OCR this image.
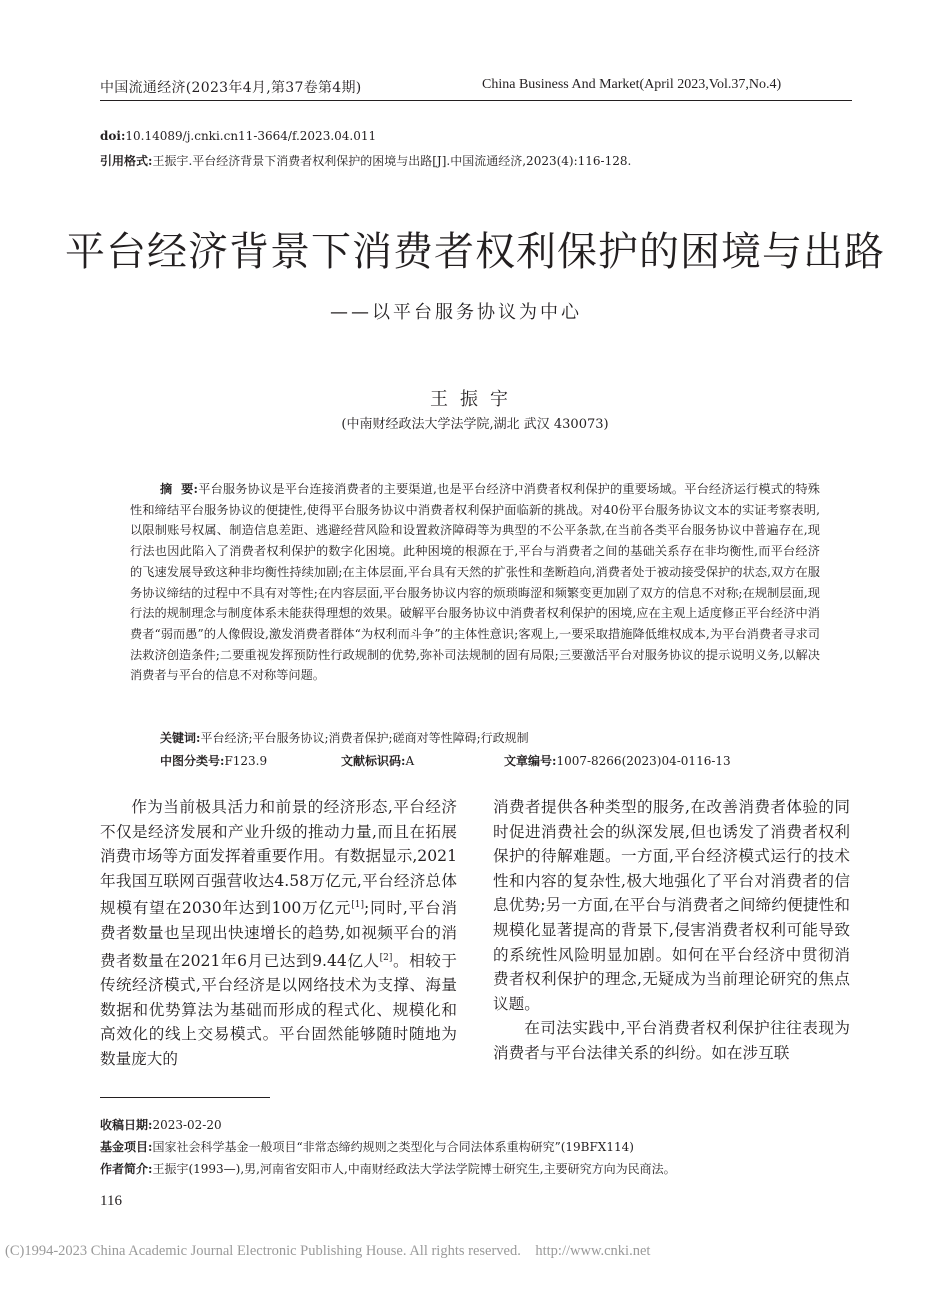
中国流通经济(2023年4月,第37卷第4期)	China Business And Market(April 2023,Vol.37,No.4)
doi:10.14089/j.cnki.cn11-3664/f.2023.04.011
引用格式:王振宇.平台经济背景下消费者权利保护的困境与出路[J].中国流通经济,2023(4):116-128.
平台经济背景下消费者权利保护的困境与出路
——以平台服务协议为中心
王振宇
(中南财经政法大学法学院,湖北 武汉 430073)
摘  要:平台服务协议是平台连接消费者的主要渠道,也是平台经济中消费者权利保护的重要场域。平台经济运行模式的特殊性和缔结平台服务协议的便捷性,使得平台服务协议中消费者权利保护面临新的挑战。对40份平台服务协议文本的实证考察表明,以限制账号权属、制造信息差距、逃避经营风险和设置救济障碍等为典型的不公平条款,在当前各类平台服务协议中普遍存在,现行法也因此陷入了消费者权利保护的数字化困境。此种困境的根源在于,平台与消费者之间的基础关系存在非均衡性,而平台经济的飞速发展导致这种非均衡性持续加剧;在主体层面,平台具有天然的扩张性和垄断趋向,消费者处于被动接受保护的状态,双方在服务协议缔结的过程中不具有对等性;在内容层面,平台服务协议内容的烦琐晦涩和频繁变更加剧了双方的信息不对称;在规制层面,现行法的规制理念与制度体系未能获得理想的效果。破解平台服务协议中消费者权利保护的困境,应在主观上适度修正平台经济中消费者“弱而愚”的人像假设,激发消费者群体“为权利而斗争”的主体性意识;客观上,一要采取措施降低维权成本,为平台消费者寻求司法救济创造条件;二要重视发挥预防性行政规制的优势,弥补司法规制的固有局限;三要激活平台对服务协议的提示说明义务,以解决消费者与平台的信息不对称等问题。
关键词:平台经济;平台服务协议;消费者保护;磋商对等性障碍;行政规制
中图分类号:F123.9	文献标识码:A	文章编号:1007-8266(2023)04-0116-13

作为当前极具活力和前景的经济形态,平台经济不仅是经济发展和产业升级的推动力量,而且在拓展消费市场等方面发挥着重要作用。有数据显示,2021年我国互联网百强营收达4.58万亿元,平台经济总体规模有望在2030年达到100万亿元[1];同时,平台消费者数量也呈现出快速增长的趋势,如视频平台的消费者数量在2021年6月已达到9.44亿人[2]。相较于传统经济模式,平台经济是以网络技术为支撑、海量数据和优势算法为基础而形成的程式化、规模化和高效化的线上交易模式。平台固然能够随时随地为数量庞大的

消费者提供各种类型的服务,在改善消费者体验的同时促进消费社会的纵深发展,但也诱发了消费者权利保护的待解难题。一方面,平台经济模式运行的技术性和内容的复杂性,极大地强化了平台对消费者的信息优势;另一方面,在平台与消费者之间缔约便捷性和规模化显著提高的背景下,侵害消费者权利可能导致的系统性风险明显加剧。如何在平台经济中贯彻消费者权利保护的理念,无疑成为当前理论研究的焦点议题。

在司法实践中,平台消费者权利保护往往表现为消费者与平台法律关系的纠纷。如在涉互联

收稿日期:2023-02-20
基金项目:国家社会科学基金一般项目“非常态缔约规则之类型化与合同法体系重构研究”(19BFX114)
作者简介:王振宇(1993—),男,河南省安阳市人,中南财经政法大学法学院博士研究生,主要研究方向为民商法。
116
(C)1994-2023 China Academic Journal Electronic Publishing House. All rights reserved.    http://www.cnki.net
